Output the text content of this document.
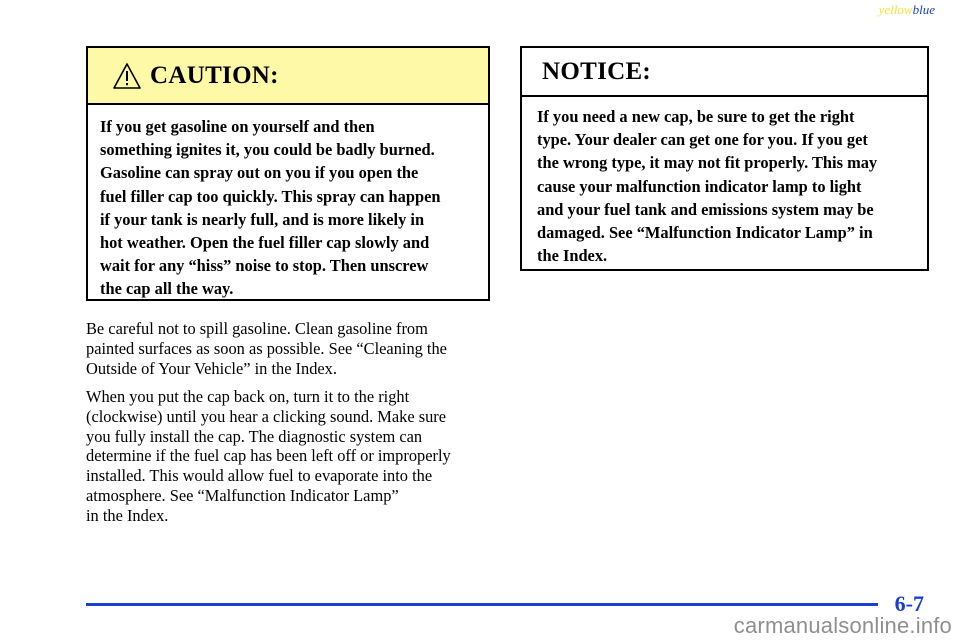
yellowblue
CAUTION:
If you get gasoline on yourself and then
something ignites it, you could be badly burned.
Gasoline can spray out on you if you open the
fuel filler cap too quickly. This spray can happen
if your tank is nearly full, and is more likely in
hot weather. Open the fuel filler cap slowly and
wait for any “hiss” noise to stop. Then unscrew
the cap all the way.
Be careful not to spill gasoline. Clean gasoline from
painted surfaces as soon as possible. See “Cleaning the
Outside of Your Vehicle” in the Index.
When you put the cap back on, turn it to the right
(clockwise) until you hear a clicking sound. Make sure
you fully install the cap. The diagnostic system can
determine if the fuel cap has been left off or improperly
installed. This would allow fuel to evaporate into the
atmosphere. See “Malfunction Indicator Lamp”
in the Index.
NOTICE:
If you need a new cap, be sure to get the right
type. Your dealer can get one for you. If you get
the wrong type, it may not fit properly. This may
cause your malfunction indicator lamp to light
and your fuel tank and emissions system may be
damaged. See “Malfunction Indicator Lamp” in
the Index.
6-7
carmanualsonline.info
